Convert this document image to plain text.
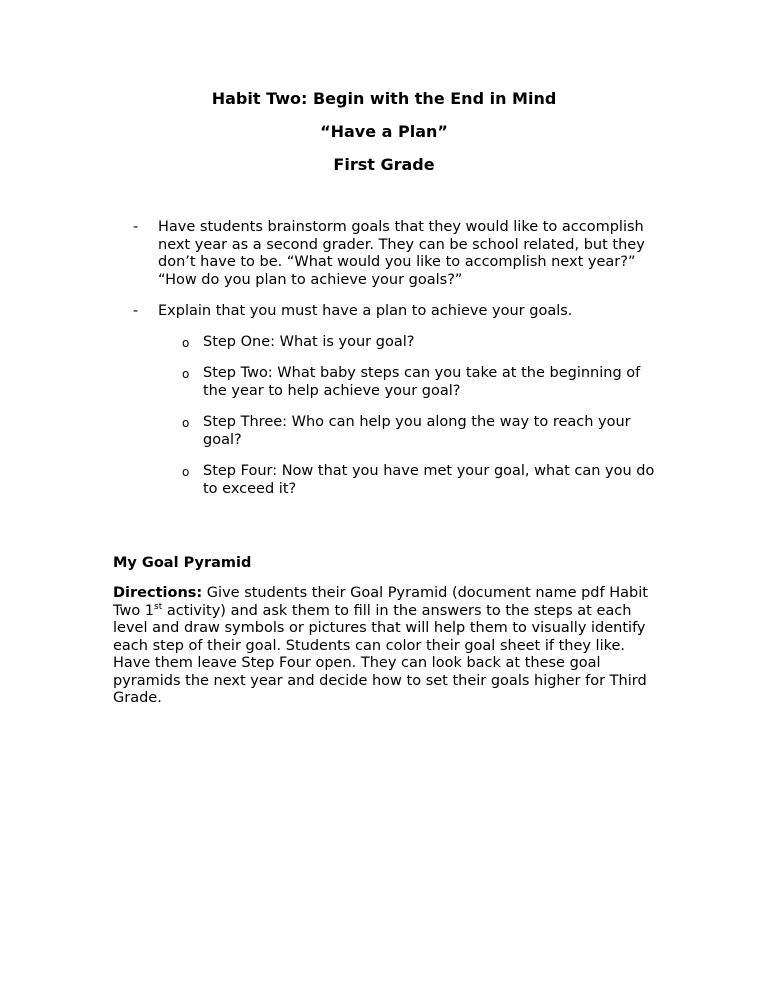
Habit Two: Begin with the End in Mind
“Have a Plan”
First Grade
-	Have students brainstorm goals that they would like to accomplish next year as a second grader. They can be school related, but they don’t have to be. “What would you like to accomplish next year?” “How do you plan to achieve your goals?”
-	Explain that you must have a plan to achieve your goals.
o Step One: What is your goal?
o Step Two: What baby steps can you take at the beginning of the year to help achieve your goal?
o Step Three: Who can help you along the way to reach your goal?
o Step Four: Now that you have met your goal, what can you do to exceed it?
My Goal Pyramid

Directions: Give students their Goal Pyramid (document name pdf Habit Two 1st activity) and ask them to fill in the answers to the steps at each level and draw symbols or pictures that will help them to visually identify each step of their goal. Students can color their goal sheet if they like. Have them leave Step Four open. They can look back at these goal pyramids the next year and decide how to set their goals higher for Third Grade.
